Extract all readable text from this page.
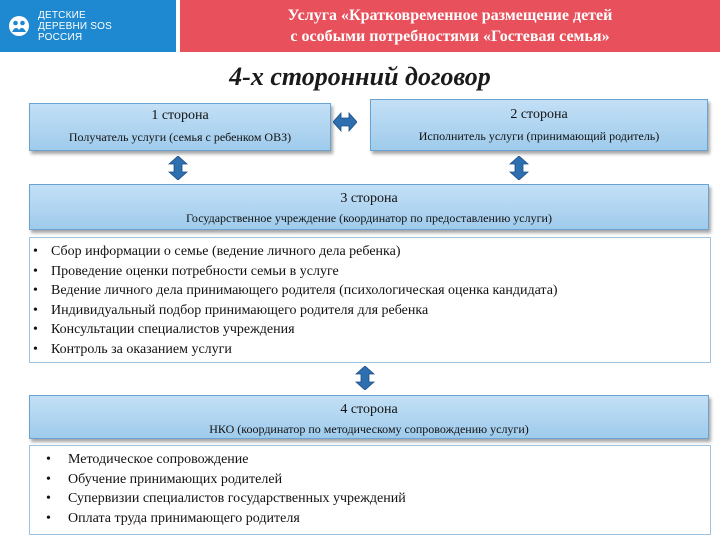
ДЕТСКИЕ
ДЕРЕВНИ SOS
РОССИЯ
Услуга «Кратковременное размещение детей
с особыми потребностями «Гостевая семья»
4-х сторонний договор
1 сторона
Получатель услуги (семья с ребенком ОВЗ)
2 сторона
Исполнитель услуги (принимающий родитель)
3 сторона
Государственное учреждение (координатор по предоставлению услуги)
• Сбор информации о семье (ведение личного дела ребенка)
• Проведение оценки потребности семьи в услуге
• Ведение личного дела принимающего родителя (психологическая оценка кандидата)
• Индивидуальный подбор принимающего родителя для ребенка
• Консультации специалистов учреждения
• Контроль за оказанием услуги
4 сторона
НКО (координатор по методическому сопровождению услуги)
• Методическое сопровождение
• Обучение принимающих родителей
• Супервизии специалистов государственных учреждений
• Оплата труда принимающего родителя
